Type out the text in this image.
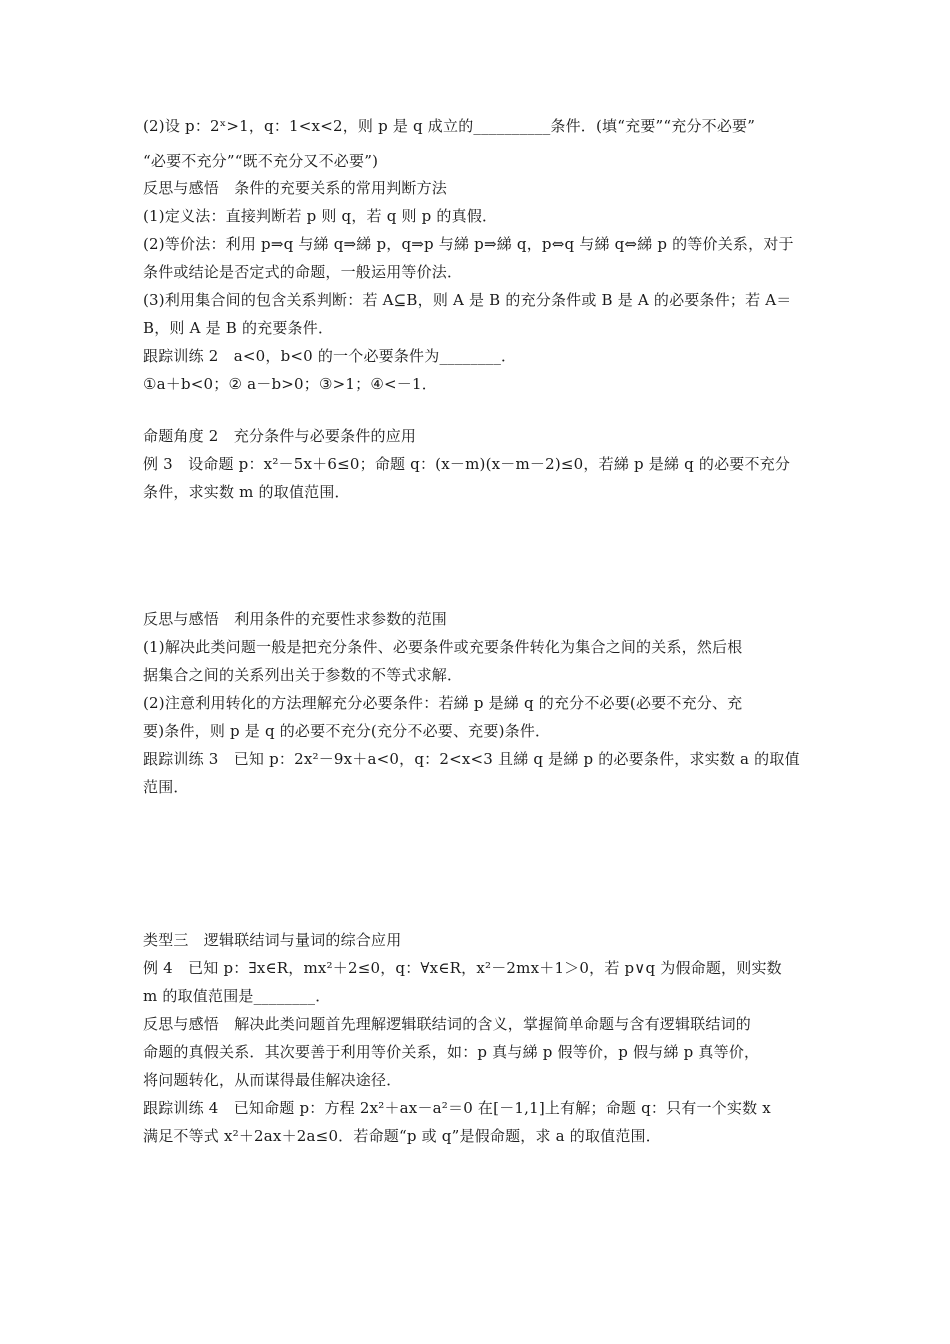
(2)设 p：2ˣ>1，q：1<x<2，则 p 是 q 成立的__________条件．(填“充要”“充分不必要”
“必要不充分”“既不充分又不必要”)
反思与感悟　条件的充要关系的常用判断方法
(1)定义法：直接判断若 p 则 q，若 q 则 p 的真假．
(2)等价法：利用 p⇒q 与綈 q⇒綈 p，q⇒p 与綈 p⇒綈 q，p⇔q 与綈 q⇔綈 p 的等价关系，对于
条件或结论是否定式的命题，一般运用等价法．
(3)利用集合间的包含关系判断：若 A⊆B，则 A 是 B 的充分条件或 B 是 A 的必要条件；若 A＝
B，则 A 是 B 的充要条件．
跟踪训练 2　a<0，b<0 的一个必要条件为________．
①a＋b<0；② a－b>0；③>1；④<－1．
命题角度 2　充分条件与必要条件的应用
例 3　设命题 p：x²－5x＋6≤0；命题 q：(x－m)(x－m－2)≤0，若綈 p 是綈 q 的必要不充分
条件，求实数 m 的取值范围．
反思与感悟　利用条件的充要性求参数的范围
(1)解决此类问题一般是把充分条件、必要条件或充要条件转化为集合之间的关系，然后根
据集合之间的关系列出关于参数的不等式求解．
(2)注意利用转化的方法理解充分必要条件：若綈 p 是綈 q 的充分不必要(必要不充分、充
要)条件，则 p 是 q 的必要不充分(充分不必要、充要)条件．
跟踪训练 3　已知 p：2x²－9x＋a<0，q：2<x<3 且綈 q 是綈 p 的必要条件，求实数 a 的取值
范围．
类型三　逻辑联结词与量词的综合应用
例 4　已知 p：∃x∈R，mx²＋2≤0，q：∀x∈R，x²－2mx＋1＞0，若 p∨q 为假命题，则实数
m 的取值范围是________．
反思与感悟　解决此类问题首先理解逻辑联结词的含义，掌握简单命题与含有逻辑联结词的
命题的真假关系．其次要善于利用等价关系，如：p 真与綈 p 假等价，p 假与綈 p 真等价，
将问题转化，从而谋得最佳解决途径．
跟踪训练 4　已知命题 p：方程 2x²＋ax－a²＝0 在[－1,1]上有解；命题 q：只有一个实数 x
满足不等式 x²＋2ax＋2a≤0．若命题“p 或 q”是假命题，求 a 的取值范围．
